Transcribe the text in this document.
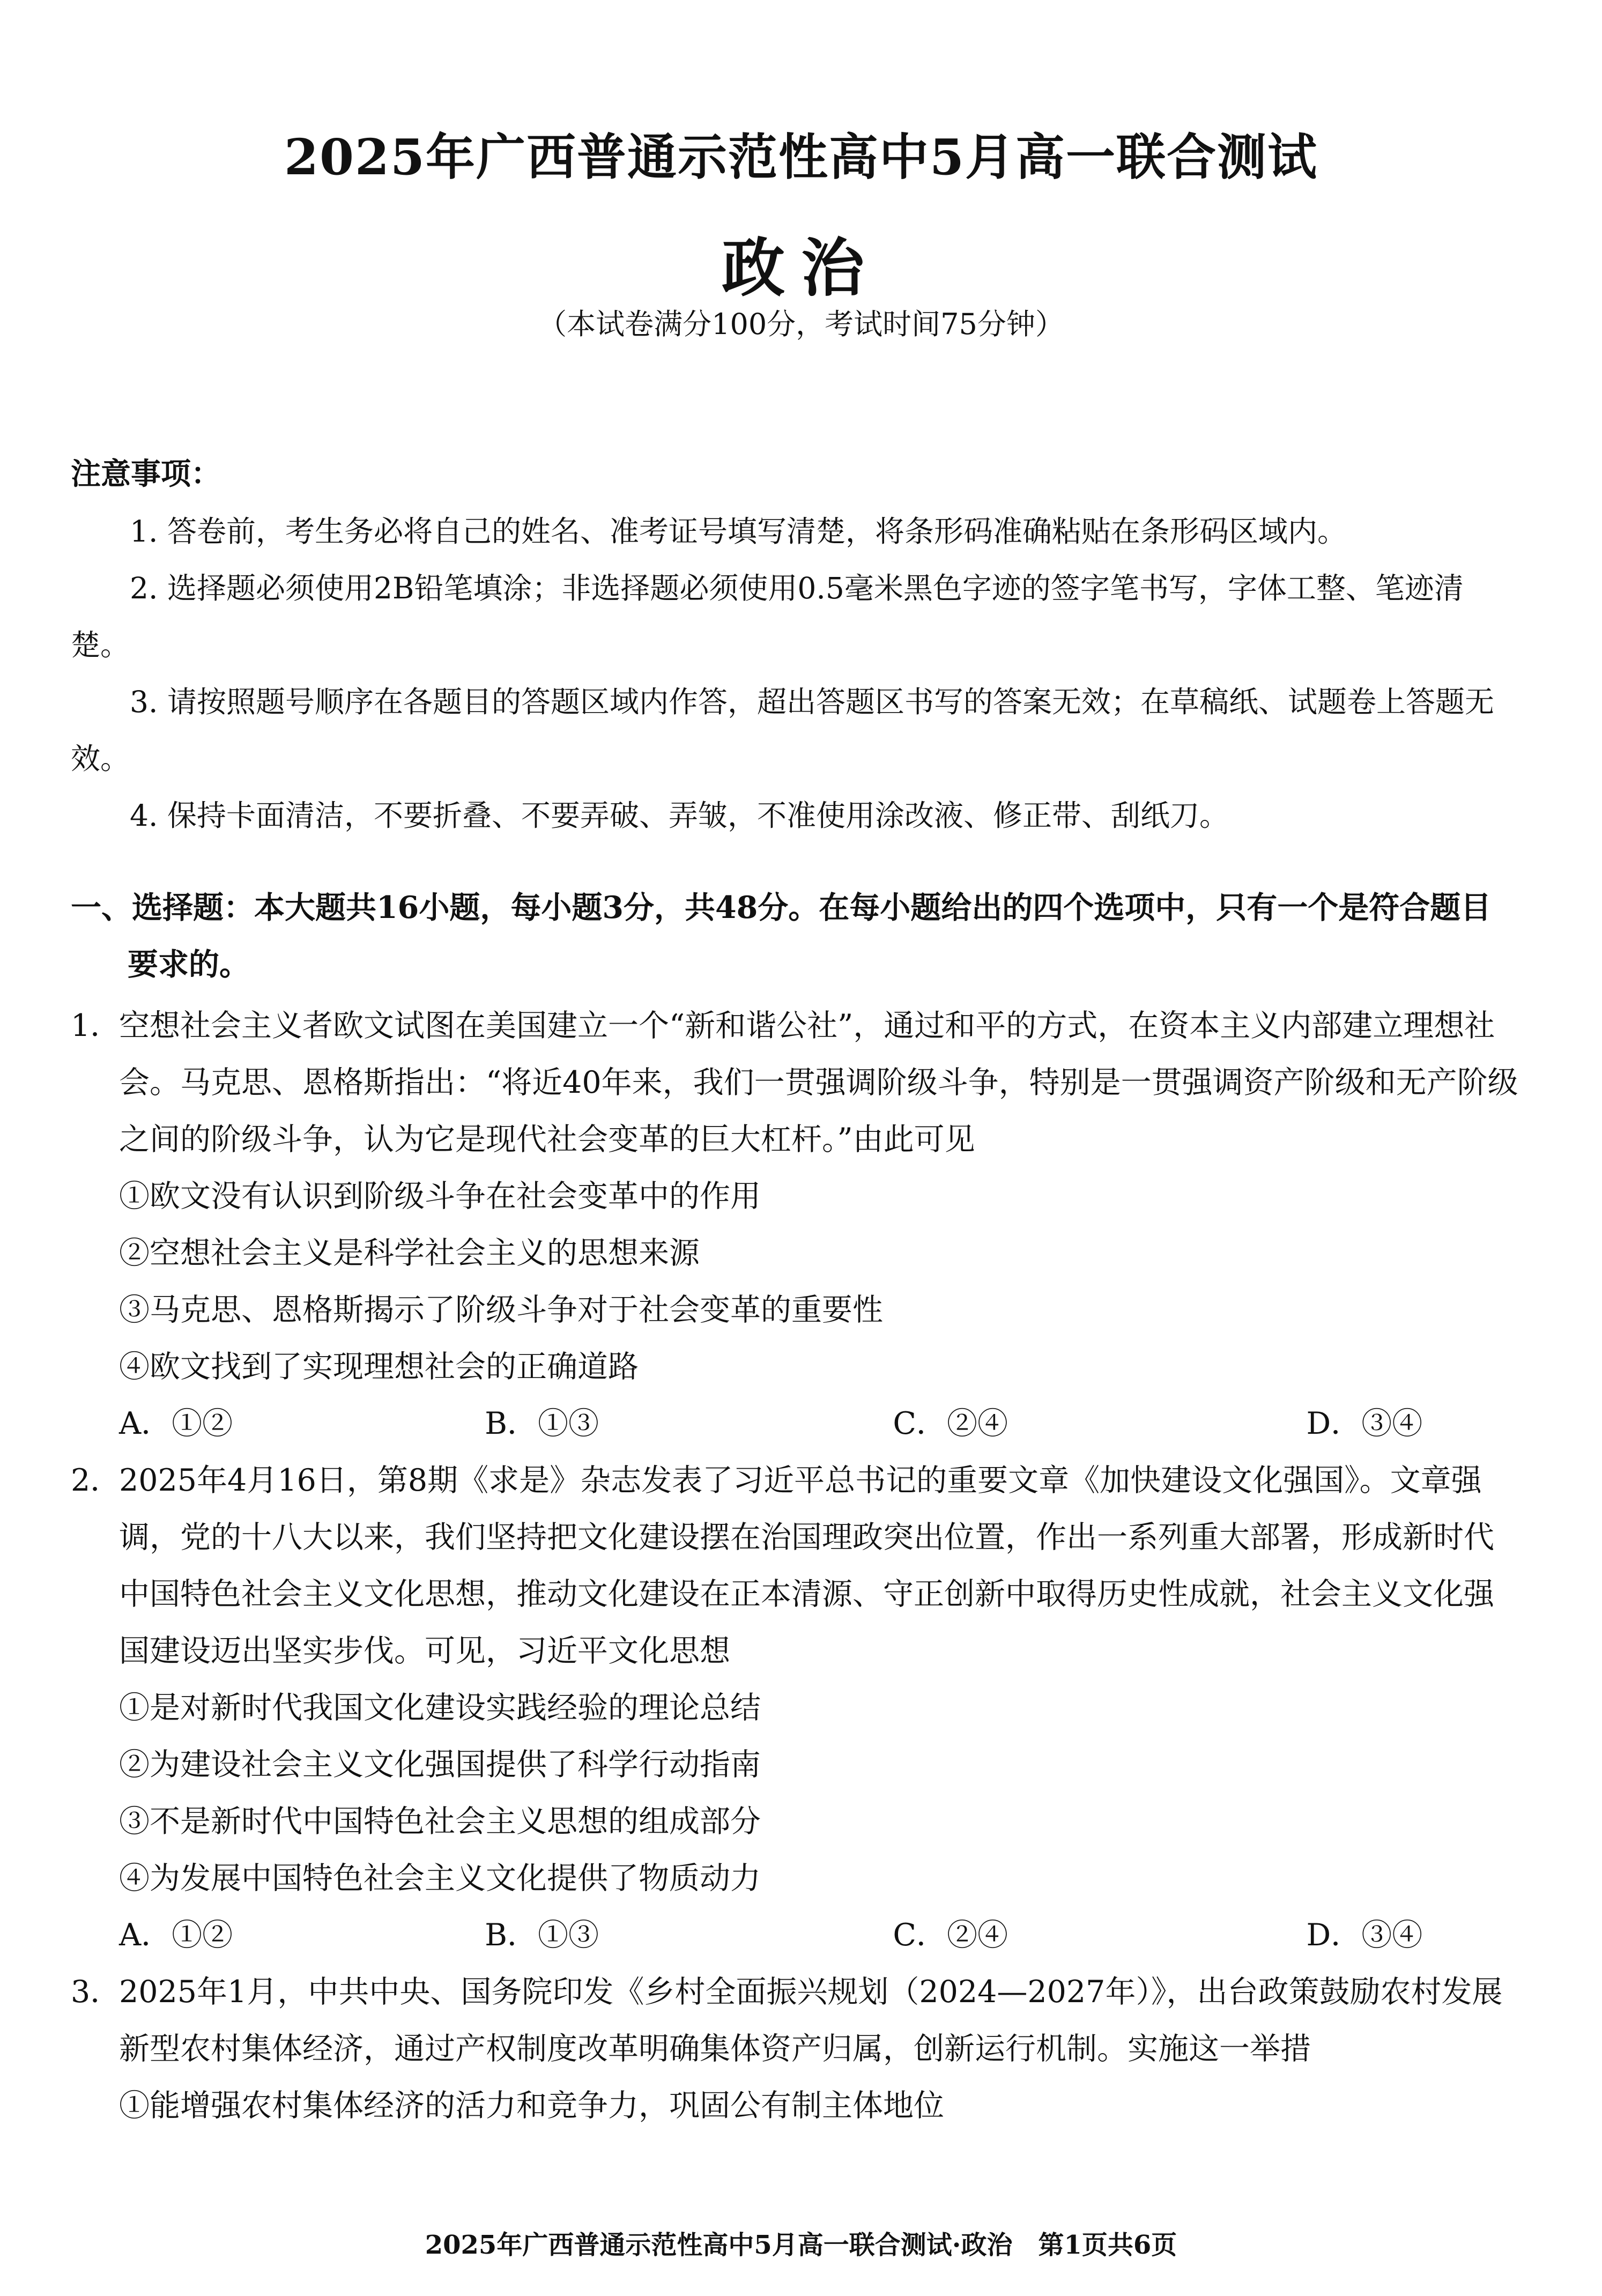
2025年广西普通示范性高中5月高一联合测试
政治
（本试卷满分100分，考试时间75分钟）
注意事项：
1. 答卷前，考生务必将自己的姓名、准考证号填写清楚，将条形码准确粘贴在条形码区域内。
2. 选择题必须使用2B铅笔填涂；非选择题必须使用0.5毫米黑色字迹的签字笔书写，字体工整、笔迹清楚。
3. 请按照题号顺序在各题目的答题区域内作答，超出答题区书写的答案无效；在草稿纸、试题卷上答题无效。
4. 保持卡面清洁，不要折叠、不要弄破、弄皱，不准使用涂改液、修正带、刮纸刀。
一、选择题：本大题共16小题，每小题3分，共48分。在每小题给出的四个选项中，只有一个是符合题目
要求的。
1．
空想社会主义者欧文试图在美国建立一个“新和谐公社”，通过和平的方式，在资本主义内部建立理想社会。马克思、恩格斯指出：“将近40年来，我们一贯强调阶级斗争，特别是一贯强调资产阶级和无产阶级之间的阶级斗争，认为它是现代社会变革的巨大杠杆。”由此可见
①欧文没有认识到阶级斗争在社会变革中的作用
②空想社会主义是科学社会主义的思想来源
③马克思、恩格斯揭示了阶级斗争对于社会变革的重要性
④欧文找到了实现理想社会的正确道路
A．①②	B．①③	C．②④	D．③④
2．
2025年4月16日，第8期《求是》杂志发表了习近平总书记的重要文章《加快建设文化强国》。文章强调，党的十八大以来，我们坚持把文化建设摆在治国理政突出位置，作出一系列重大部署，形成新时代中国特色社会主义文化思想，推动文化建设在正本清源、守正创新中取得历史性成就，社会主义文化强国建设迈出坚实步伐。可见，习近平文化思想
①是对新时代我国文化建设实践经验的理论总结
②为建设社会主义文化强国提供了科学行动指南
③不是新时代中国特色社会主义思想的组成部分
④为发展中国特色社会主义文化提供了物质动力
A．①②	B．①③	C．②④	D．③④
3．
2025年1月，中共中央、国务院印发《乡村全面振兴规划（2024—2027年）》，出台政策鼓励农村发展新型农村集体经济，通过产权制度改革明确集体资产归属，创新运行机制。实施这一举措
①能增强农村集体经济的活力和竞争力，巩固公有制主体地位
2025年广西普通示范性高中5月高一联合测试·政治　第1页共6页
